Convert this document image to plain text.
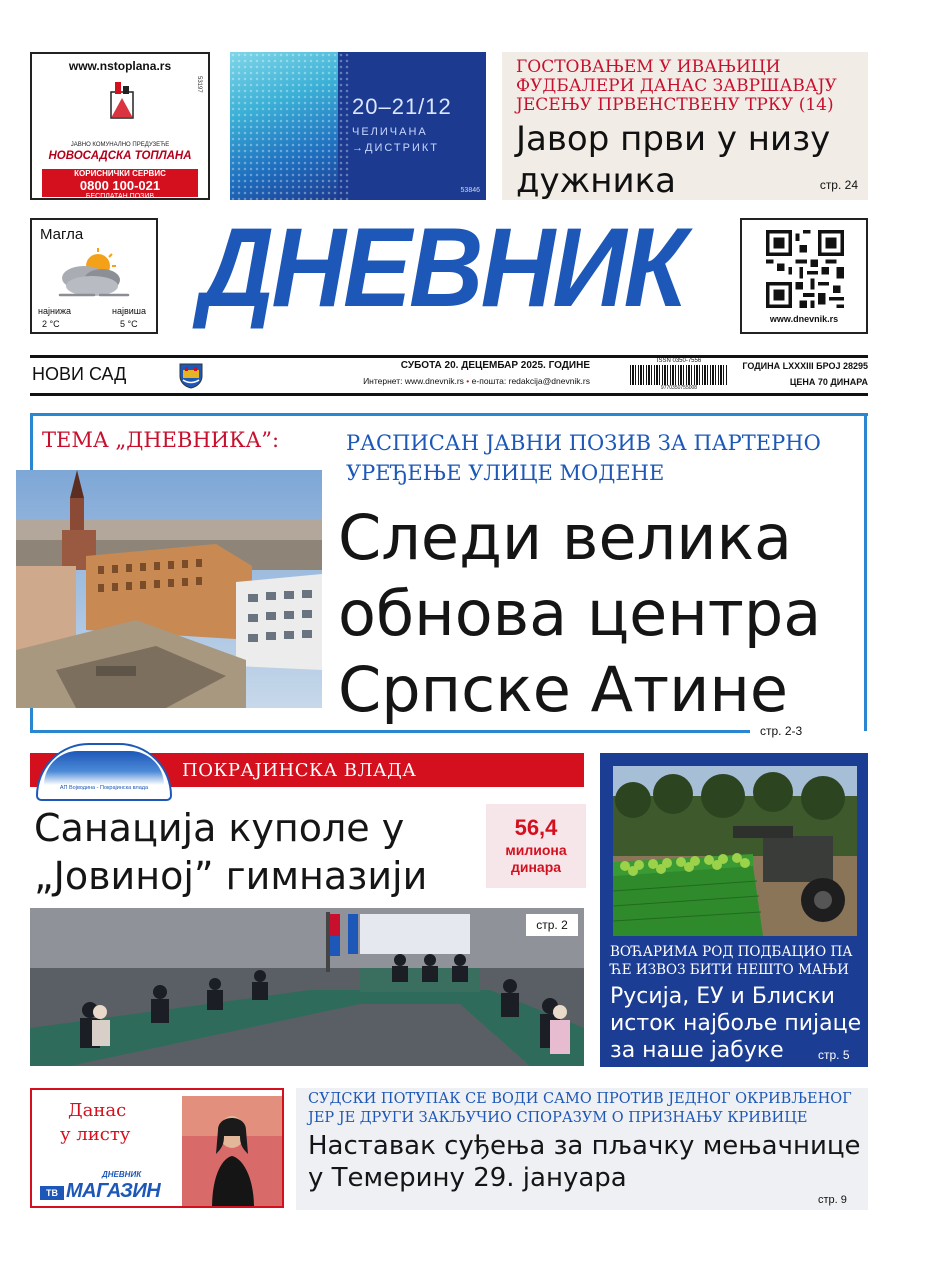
www.nstoplana.rs
53197
ЈАВНО КОМУНАЛНО ПРЕДУЗЕЋЕ
НОВОСАДСКА ТОПЛАНА
КОРИСНИЧКИ СЕРВИС
0800 100-021
БЕСПЛАТАН ПОЗИВ
20–21/12
ЧЕЛИЧАНА
→ДИСТРИКТ
53846
ГОСТОВАЊЕМ У ИВАЊИЦИ ФУДБАЛЕРИ ДАНАС ЗАВРШАВАЈУ ЈЕСЕЊУ ПРВЕНСТВЕНУ ТРКУ (14)
Јавор први у низу дужника	стр. 24
Магла
најнижа
2 °C
највиша
5 °C ДНЕВНИК	www.dnevnik.rs
НОВИ САД	СУБОТА 20. ДЕЦЕМБАР 2025. ГОДИНЕ
Интернет: www.dnevnik.rs • е-пошта: redakcija@dnevnik.rs
ISSN 0350-7556
9770350755008
ГОДИНА LXXXIII БРОЈ 28295
ЦЕНА 70 ДИНАРА
ТЕМА „ДНЕВНИКА”:	РАСПИСАН ЈАВНИ ПОЗИВ ЗА ПАРТЕРНО УРЕЂЕЊЕ УЛИЦЕ МОДЕНЕ
Следи велика
обнова центра
Српске Атине
стр. 2-3
ПОКРАЈИНСКА ВЛАДА
АП Војводина - Покрајинска влада
Санација куполе у
„Јовиној” гимназији
56,4
милиона
динара
стр. 2
ВОЋАРИМА РОД ПОДБАЦИО ПА ЋЕ ИЗВОЗ БИТИ НЕШТО МАЊИ
Русија, ЕУ и Блиски исток најбоље пијаце за наше јабуке	стр. 5
Данас
у листу
ДНЕВНИК
ТВ МАГАЗИН
СУДСКИ ПОТУПАК СЕ ВОДИ САМО ПРОТИВ ЈЕДНОГ ОКРИВЉЕНОГ ЈЕР ЈЕ ДРУГИ ЗАКЉУЧИО СПОРАЗУМ О ПРИЗНАЊУ КРИВИЦЕ
Наставак суђења за пљачку мењачнице у Темерину 29. јануара
стр. 9
